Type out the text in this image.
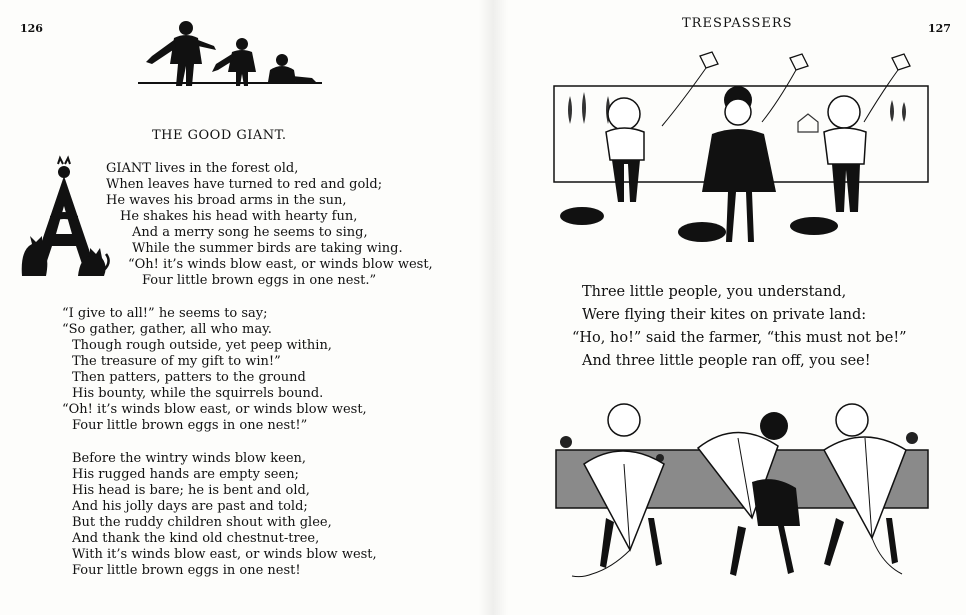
126
THE GOOD GIANT.
GIANT lives in the forest old,
When leaves have turned to red and gold;
He waves his broad arms in the sun,
He shakes his head with hearty fun,
And a merry song he seems to sing,
While the summer birds are taking wing.
“Oh! it’s winds blow east, or winds blow west,
Four little brown eggs in one nest.”
“I give to all!” he seems to say;
“So gather, gather, all who may.
Though rough outside, yet peep within,
The treasure of my gift to win!”
Then patters, patters to the ground
His bounty, while the squirrels bound.
“Oh! it’s winds blow east, or winds blow west,
Four little brown eggs in one nest!”
Before the wintry winds blow keen,
His rugged hands are empty seen;
His head is bare; he is bent and old,
And his jolly days are past and told;
But the ruddy children shout with glee,
And thank the kind old chestnut-tree,
With it’s winds blow east, or winds blow west,
Four little brown eggs in one nest!
TRESPASSERS	127
Three little people, you understand,
Were flying their kites on private land:
“Ho, ho!” said the farmer, “this must not be!”
And three little people ran off, you see!
